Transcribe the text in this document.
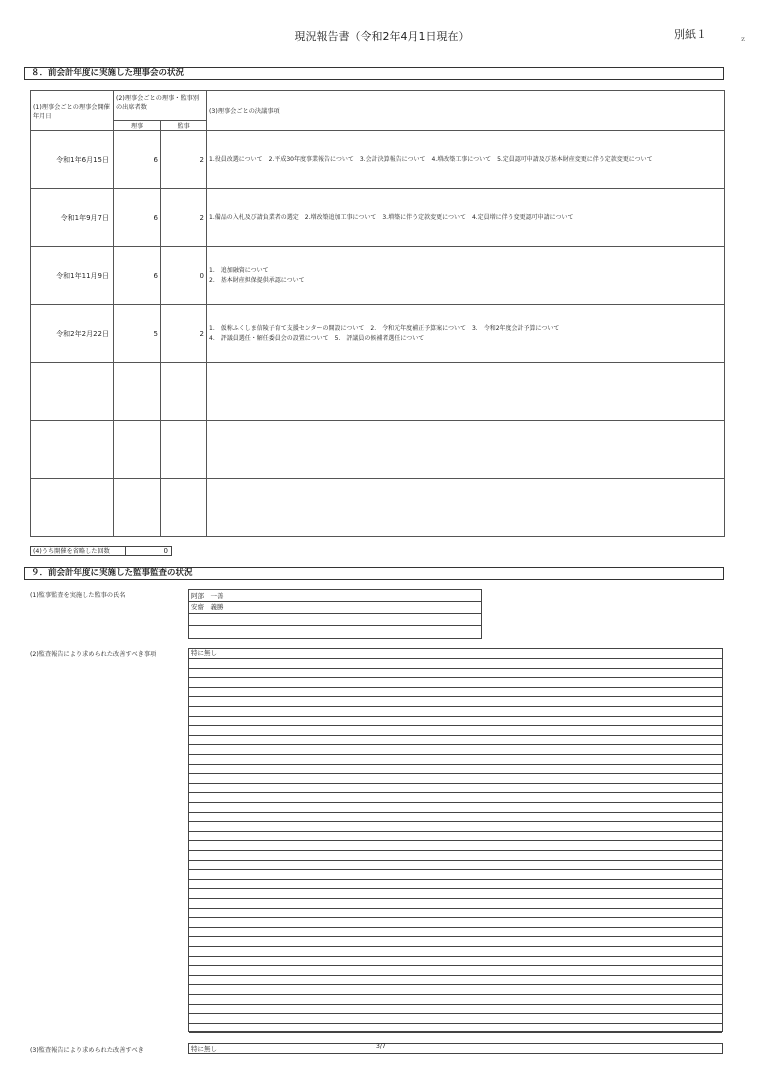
現況報告書（令和2年4月1日現在）	別紙１	ｚ
８．前会計年度に実施した理事会の状況
(1)理事会ごとの理事会開催年月日	(2)理事会ごとの理事・監事別の出席者数		(3)理事会ごとの決議事項
	理事	監事	
令和1年6月15日	6	2	1.役員改選について　2.平成30年度事業報告について　3.会計決算報告について　4.増改築工事について　5.定員認可申請及び基本財産変更に伴う定款変更について

令和1年9月7日	6	2	1.備品の入札及び請負業者の選定　2.増改築追加工事について　3.増築に伴う定款変更について　4.定員増に伴う変更認可申請について

令和1年11月9日	6	0	1.　追加融資について
2.　基本財産担保提供承認について

令和2年2月22日	5	2	1.　仮称ふくしま信陵子育て支援センターの開設について　2.　令和元年度補正予算案について　3.　令和2年度会計予算について
4.　評議員選任・解任委員会の設置について　5.　評議員の候補者選任について

(4)うち開催を省略した回数	0
９．前会計年度に実施した監事監査の状況
(1)監事監査を実施した監事の氏名	阿部　一善
安齋　義勝
(2)監査報告により求められた改善すべき事項	特に無し
(3)監査報告により求められた改善すべき	特に無し	3/7
